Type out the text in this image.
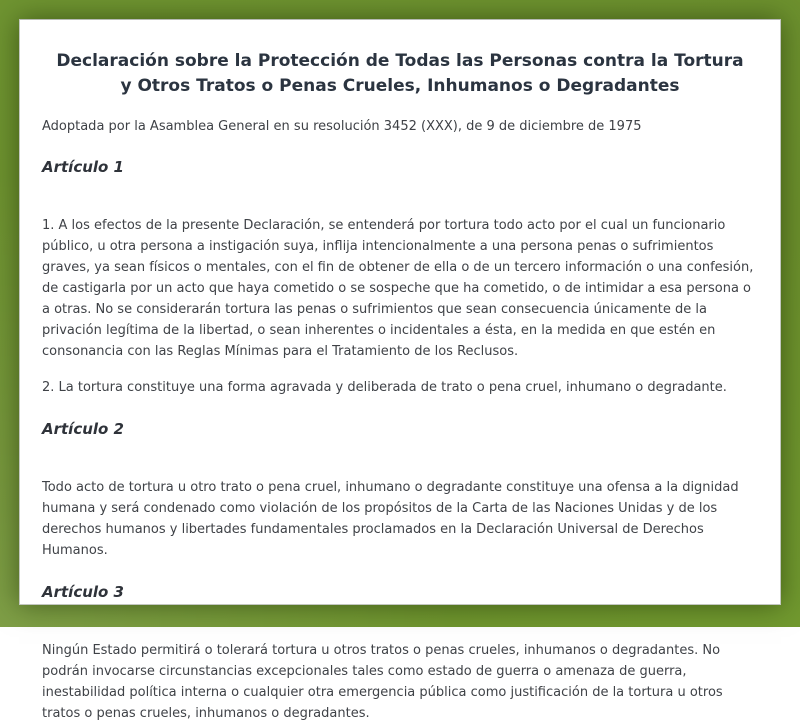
Declaración sobre la Protección de Todas las Personas contra la Tortura y Otros Tratos o Penas Crueles, Inhumanos o Degradantes

Adoptada por la Asamblea General en su resolución 3452 (XXX), de 9 de diciembre de 1975

Artículo 1

1. A los efectos de la presente Declaración, se entenderá por tortura todo acto por el cual un funcionario público, u otra persona a instigación suya, inflija intencionalmente a una persona penas o sufrimientos graves, ya sean físicos o mentales, con el fin de obtener de ella o de un tercero información o una confesión, de castigarla por un acto que haya cometido o se sospeche que ha cometido, o de intimidar a esa persona o a otras. No se considerarán tortura las penas o sufrimientos que sean consecuencia únicamente de la privación legítima de la libertad, o sean inherentes o incidentales a ésta, en la medida en que estén en consonancia con las Reglas Mínimas para el Tratamiento de los Reclusos.

2. La tortura constituye una forma agravada y deliberada de trato o pena cruel, inhumano o degradante.

Artículo 2

Todo acto de tortura u otro trato o pena cruel, inhumano o degradante constituye una ofensa a la dignidad humana y será condenado como violación de los propósitos de la Carta de las Naciones Unidas y de los derechos humanos y libertades fundamentales proclamados en la Declaración Universal de Derechos Humanos.

Artículo 3

Ningún Estado permitirá o tolerará tortura u otros tratos o penas crueles, inhumanos o degradantes. No podrán invocarse circunstancias excepcionales tales como estado de guerra o amenaza de guerra, inestabilidad política interna o cualquier otra emergencia pública como justificación de la tortura u otros tratos o penas crueles, inhumanos o degradantes.
